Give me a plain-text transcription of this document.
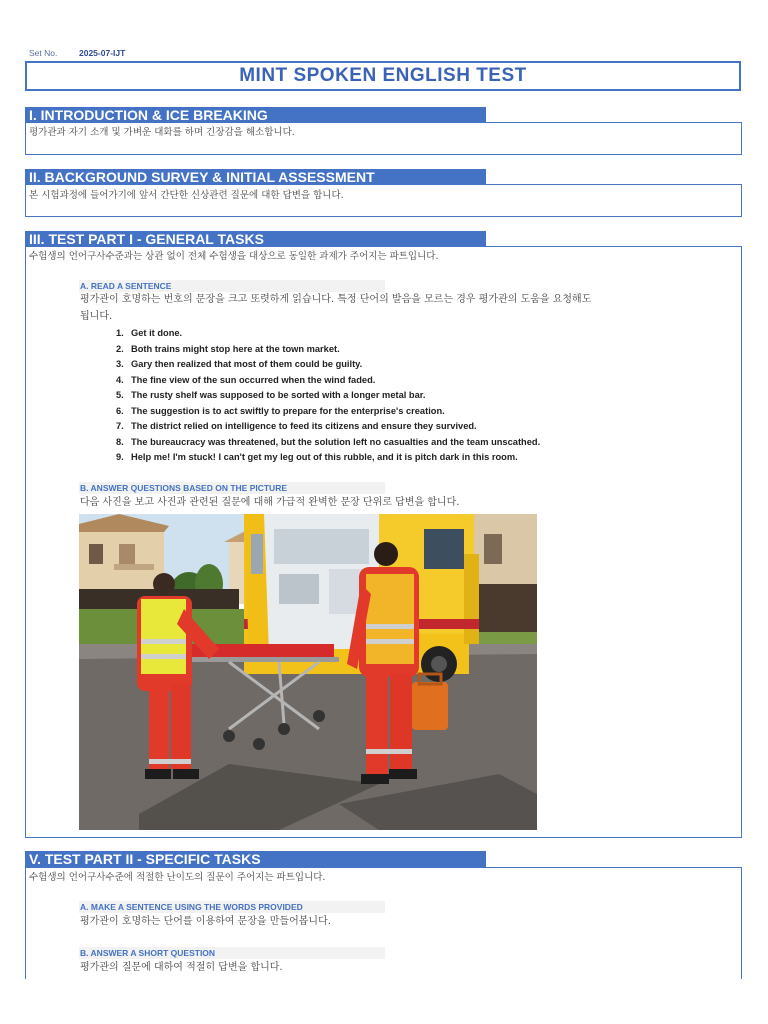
Set No.	2025-07-IJT
MINT SPOKEN ENGLISH TEST
I. INTRODUCTION & ICE BREAKING
평가관과 자기 소개 및 가벼운 대화를 하며 긴장감을 해소합니다.
II. BACKGROUND SURVEY & INITIAL ASSESSMENT
본 시험과정에 들어가기에 앞서 간단한 신상관련 질문에 대한 답변을 합니다.
III. TEST PART I - GENERAL TASKS
수험생의 언어구사수준과는 상관 없이 전체 수험생을 대상으로 동일한 과제가 주어지는 파트입니다.
A. READ A SENTENCE
평가관이 호명하는 번호의 문장을 크고 또렷하게 읽습니다. 특정 단어의 발음을 모르는 경우 평가관의 도움을 요청해도
됩니다.
1. Get it done.
2. Both trains might stop here at the town market.
3. Gary then realized that most of them could be guilty.
4. The fine view of the sun occurred when the wind faded.
5. The rusty shelf was supposed to be sorted with a longer metal bar.
6. The suggestion is to act swiftly to prepare for the enterprise's creation.
7. The district relied on intelligence to feed its citizens and ensure they survived.
8. The bureaucracy was threatened, but the solution left no casualties and the team unscathed.
9. Help me! I'm stuck! I can't get my leg out of this rubble, and it is pitch dark in this room.
B. ANSWER QUESTIONS BASED ON THE PICTURE
다음 사진을 보고 사진과 관련된 질문에 대해 가급적 완벽한 문장 단위로 답변을 합니다.
V. TEST PART II - SPECIFIC TASKS
수험생의 언어구사수준에 적절한 난이도의 질문이 주어지는 파트입니다.
A. MAKE A SENTENCE USING THE WORDS PROVIDED
평가관이 호명하는 단어를 이용하여 문장을 만들어봅니다.
B. ANSWER A SHORT QUESTION
평가관의 질문에 대하여 적절히 답변을 합니다.
